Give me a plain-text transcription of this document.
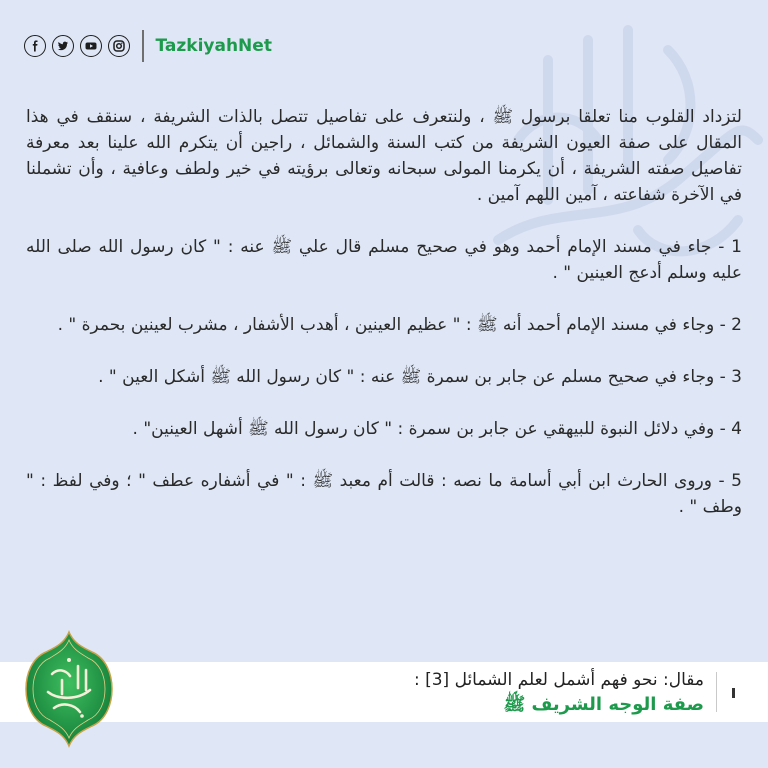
TazkiyahNet

لتزداد القلوب منا تعلقا برسول ﷺ ، ولنتعرف على تفاصيل تتصل بالذات الشريفة ، سنقف في هذا المقال على صفة العيون الشريفة من كتب السنة والشمائل ، راجين أن يتكرم الله علينا بعد معرفة تفاصيل صفته الشريفة ، أن يكرمنا المولى سبحانه وتعالى برؤيته في خير ولطف وعافية ، وأن تشملنا في الآخرة شفاعته ، آمين اللهم آمين .

1 - جاء في مسند الإمام أحمد وهو في صحيح مسلم قال علي ﷺ عنه : " كان رسول الله صلى الله عليه وسلم أدعج العينين " .

2 - وجاء في مسند الإمام أحمد أنه ﷺ : " عظيم العينين ، أهدب الأشفار ، مشرب لعينين بحمرة " .

3 - وجاء في صحيح مسلم عن جابر بن سمرة ﷺ عنه : " كان رسول الله ﷺ أشكل العين " .

4 - وفي دلائل النبوة للبيهقي عن جابر بن سمرة : " كان رسول الله ﷺ أشهل العينين" .

5 - وروى الحارث ابن أبي أسامة ما نصه : قالت أم معبد ﷺ : " في أشفاره عطف " ؛ وفي لفظ : " وطف " .

مقال: نحو فهم أشمل لعلم الشمائل [3] :
صفة الوجه الشريف ﷺ
